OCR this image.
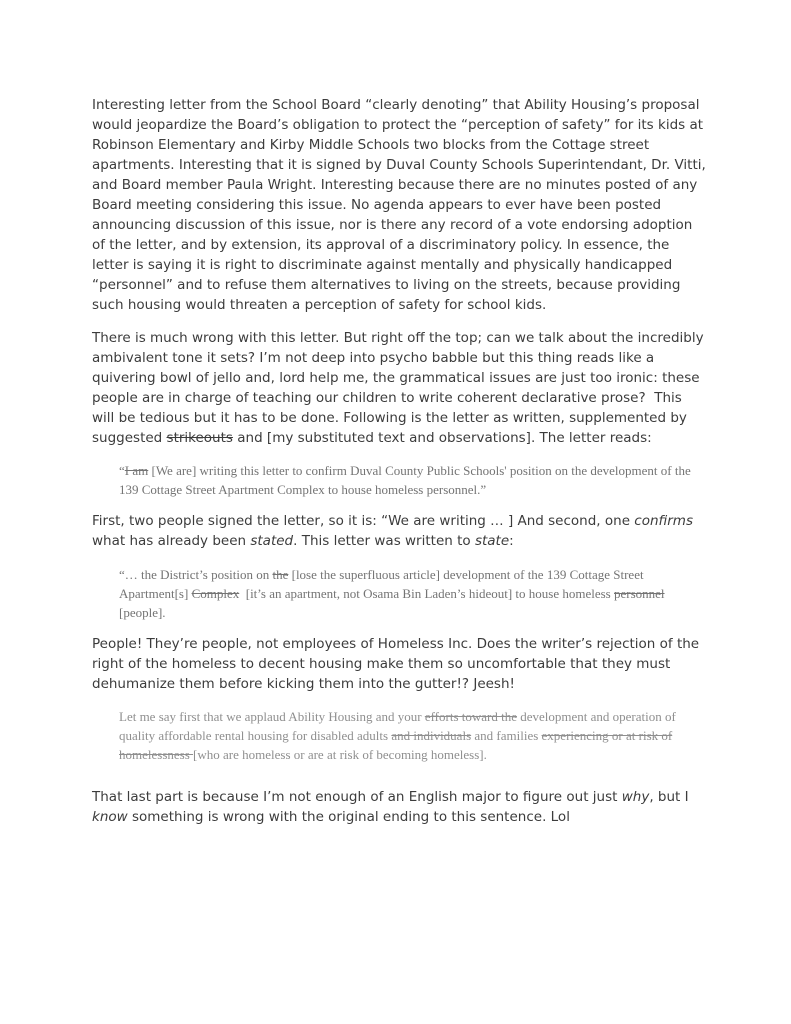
Interesting letter from the School Board “clearly denoting” that Ability Housing’s proposal would jeopardize the Board’s obligation to protect the “perception of safety” for its kids at Robinson Elementary and Kirby Middle Schools two blocks from the Cottage street apartments. Interesting that it is signed by Duval County Schools Superintendant, Dr. Vitti, and Board member Paula Wright. Interesting because there are no minutes posted of any Board meeting considering this issue. No agenda appears to ever have been posted announcing discussion of this issue, nor is there any record of a vote endorsing adoption of the letter, and by extension, its approval of a discriminatory policy. In essence, the letter is saying it is right to discriminate against mentally and physically handicapped “personnel” and to refuse them alternatives to living on the streets, because providing such housing would threaten a perception of safety for school kids.
There is much wrong with this letter. But right off the top; can we talk about the incredibly ambivalent tone it sets? I’m not deep into psycho babble but this thing reads like a quivering bowl of jello and, lord help me, the grammatical issues are just too ironic: these people are in charge of teaching our children to write coherent declarative prose?  This will be tedious but it has to be done. Following is the letter as written, supplemented by suggested strikeouts and [my substituted text and observations]. The letter reads:
“I am [We are] writing this letter to confirm Duval County Public Schools' position on the development of the 139 Cottage Street Apartment Complex to house homeless personnel.”
First, two people signed the letter, so it is: “We are writing … ] And second, one confirms what has already been stated. This letter was written to state:
“… the District’s position on the [lose the superfluous article] development of the 139 Cottage Street Apartment[s] Complex  [it’s an apartment, not Osama Bin Laden’s hideout] to house homeless personnel [people].
People! They’re people, not employees of Homeless Inc. Does the writer’s rejection of the right of the homeless to decent housing make them so uncomfortable that they must dehumanize them before kicking them into the gutter!? Jeesh!
Let me say first that we applaud Ability Housing and your efforts toward the development and operation of quality affordable rental housing for disabled adults and individuals and families experiencing or at risk of homelessness [who are homeless or are at risk of becoming homeless].
That last part is because I’m not enough of an English major to figure out just why, but I know something is wrong with the original ending to this sentence. Lol
